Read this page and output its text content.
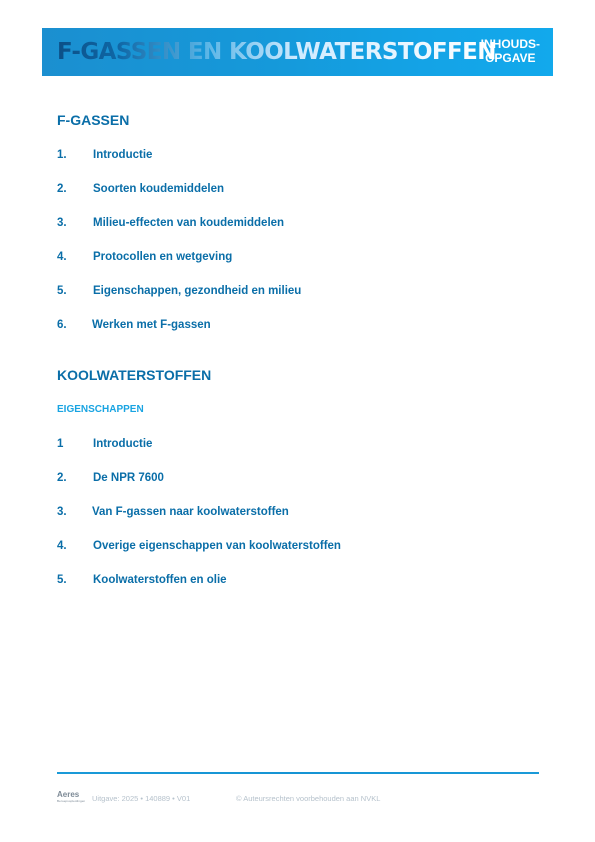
F-GASSEN EN KOOLWATERSTOFFEN
INHOUDS-
OPGAVE
F-GASSEN
1. Introductie
2. Soorten koudemiddelen
3. Milieu-effecten van koudemiddelen
4. Protocollen en wetgeving
5. Eigenschappen, gezondheid en milieu
6. Werken met F-gassen
KOOLWATERSTOFFEN
EIGENSCHAPPEN
1	Introductie
2. De NPR 7600
3. Van F-gassen naar koolwaterstoffen
4. Overige eigenschappen van koolwaterstoffen
5. Koolwaterstoffen en olie
Aeres
Beroepsopleidingen Uitgave: 2025 • 140889 • V01	© Auteursrechten voorbehouden aan NVKL
